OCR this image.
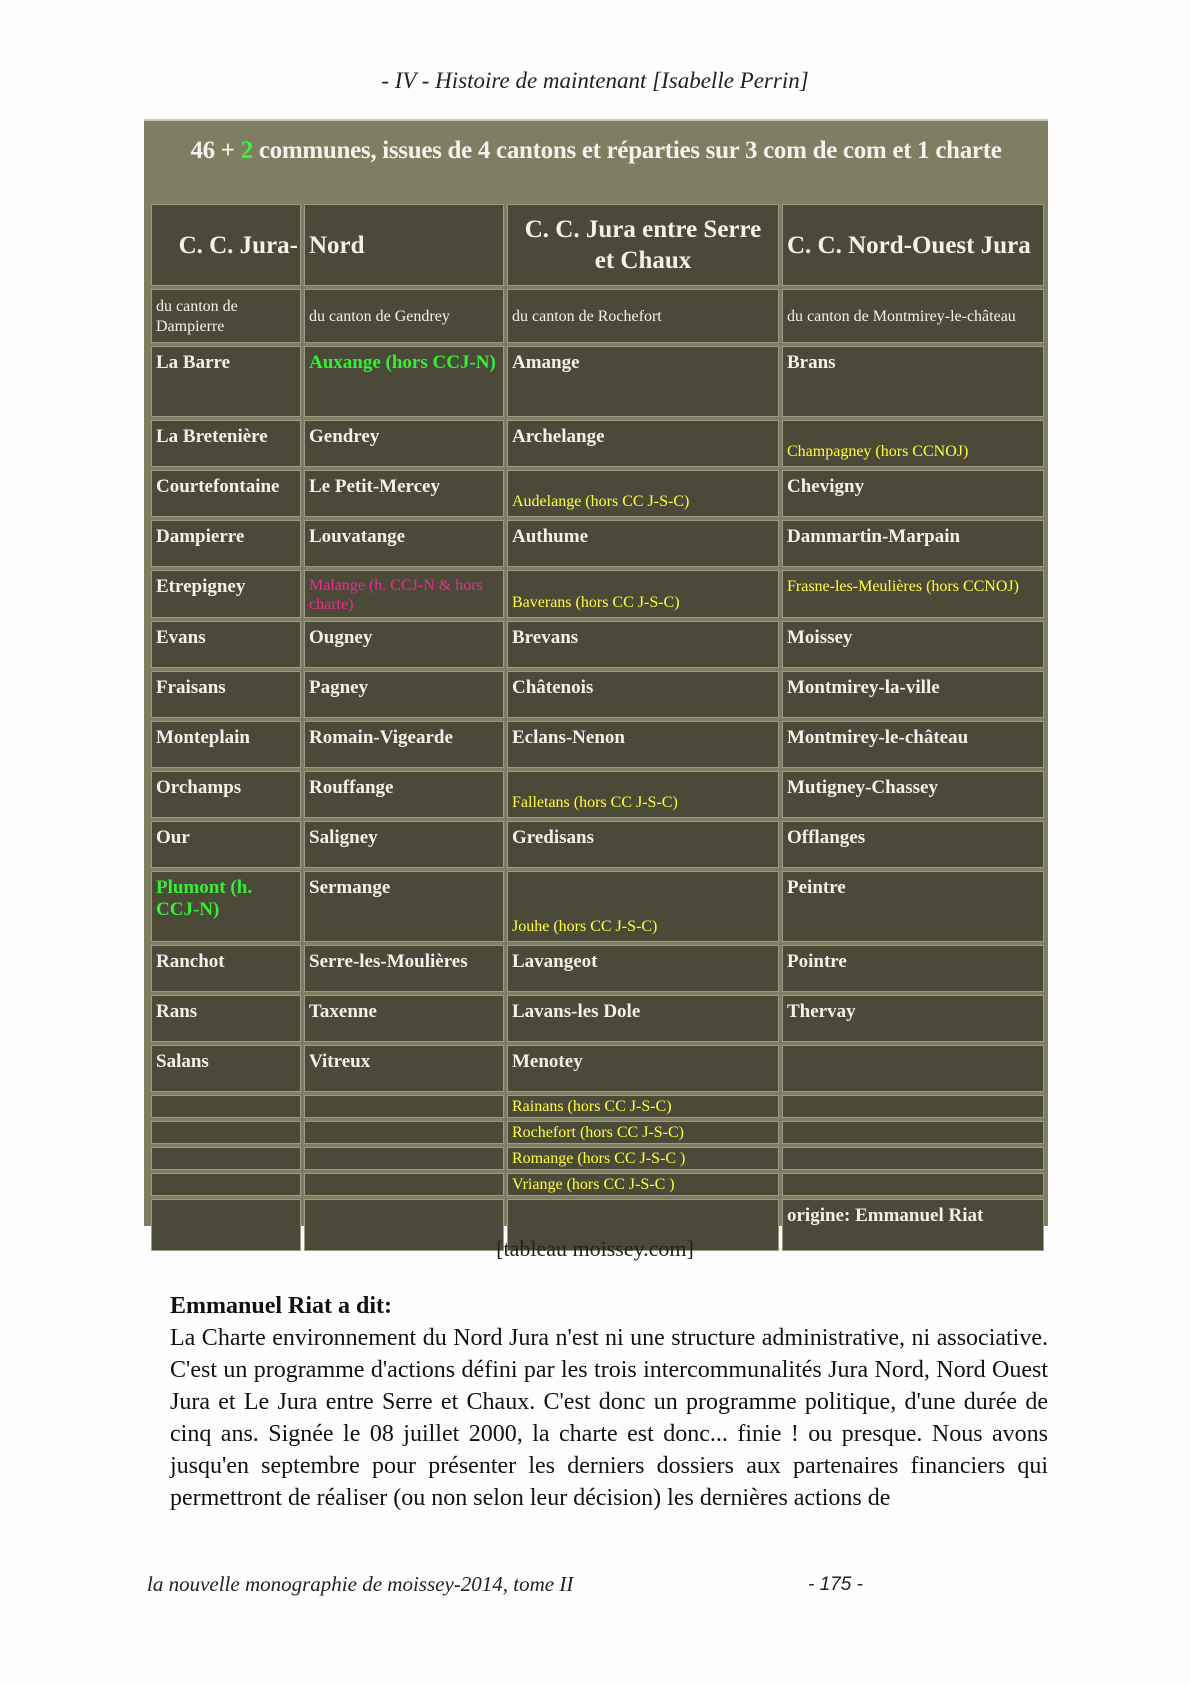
- IV - Histoire de maintenant [Isabelle Perrin]
46 + 2 communes, issues de 4 cantons et réparties sur 3 com de com et 1 charte
C. C. Jura-	Nord	C. C. Jura entre Serre et Chaux	C. C. Nord-Ouest Jura
du canton de Dampierre	du canton de Gendrey	du canton de Rochefort	du canton de Montmirey-le-château
La Barre	Auxange (hors CCJ-N)	Amange	Brans
La Bretenière	Gendrey	Archelange	Champagney (hors CCNOJ)
Courtefontaine	Le Petit-Mercey	Audelange (hors CC J-S-C)	Chevigny
Dampierre	Louvatange	Authume	Dammartin-Marpain
Etrepigney	Malange (h. CCJ-N & hors charte)	Baverans (hors CC J-S-C)	Frasne-les-Meulières (hors CCNOJ)
Evans	Ougney	Brevans	Moissey
Fraisans	Pagney	Châtenois	Montmirey-la-ville
Monteplain	Romain-Vigearde	Eclans-Nenon	Montmirey-le-château
Orchamps	Rouffange	Falletans (hors CC J-S-C)	Mutigney-Chassey
Our	Saligney	Gredisans	Offlanges
Plumont (h. CCJ-N)	Sermange	Jouhe (hors CC J-S-C)	Peintre
Ranchot	Serre-les-Moulières	Lavangeot	Pointre
Rans	Taxenne	Lavans-les Dole	Thervay
Salans	Vitreux	Menotey	
		Rainans (hors CC J-S-C)	
		Rochefort (hors CC J-S-C)	
		Romange (hors CC J-S-C )	
		Vriange (hors CC J-S-C )	
			origine: Emmanuel Riat
[tableau moissey.com]
Emmanuel Riat a dit:
La Charte environnement du Nord Jura n'est ni une structure administrative, ni associative. C'est un programme d'actions défini par les trois intercommunalités Jura Nord, Nord Ouest Jura et Le Jura entre Serre et Chaux. C'est donc un programme politique, d'une durée de cinq ans. Signée le 08 juillet 2000, la charte est donc... finie ! ou presque. Nous avons jusqu'en septembre pour présenter les derniers dossiers aux partenaires financiers qui permettront de réaliser (ou non selon leur décision) les dernières actions de
la nouvelle monographie de moissey-2014, tome II	- 175 -
